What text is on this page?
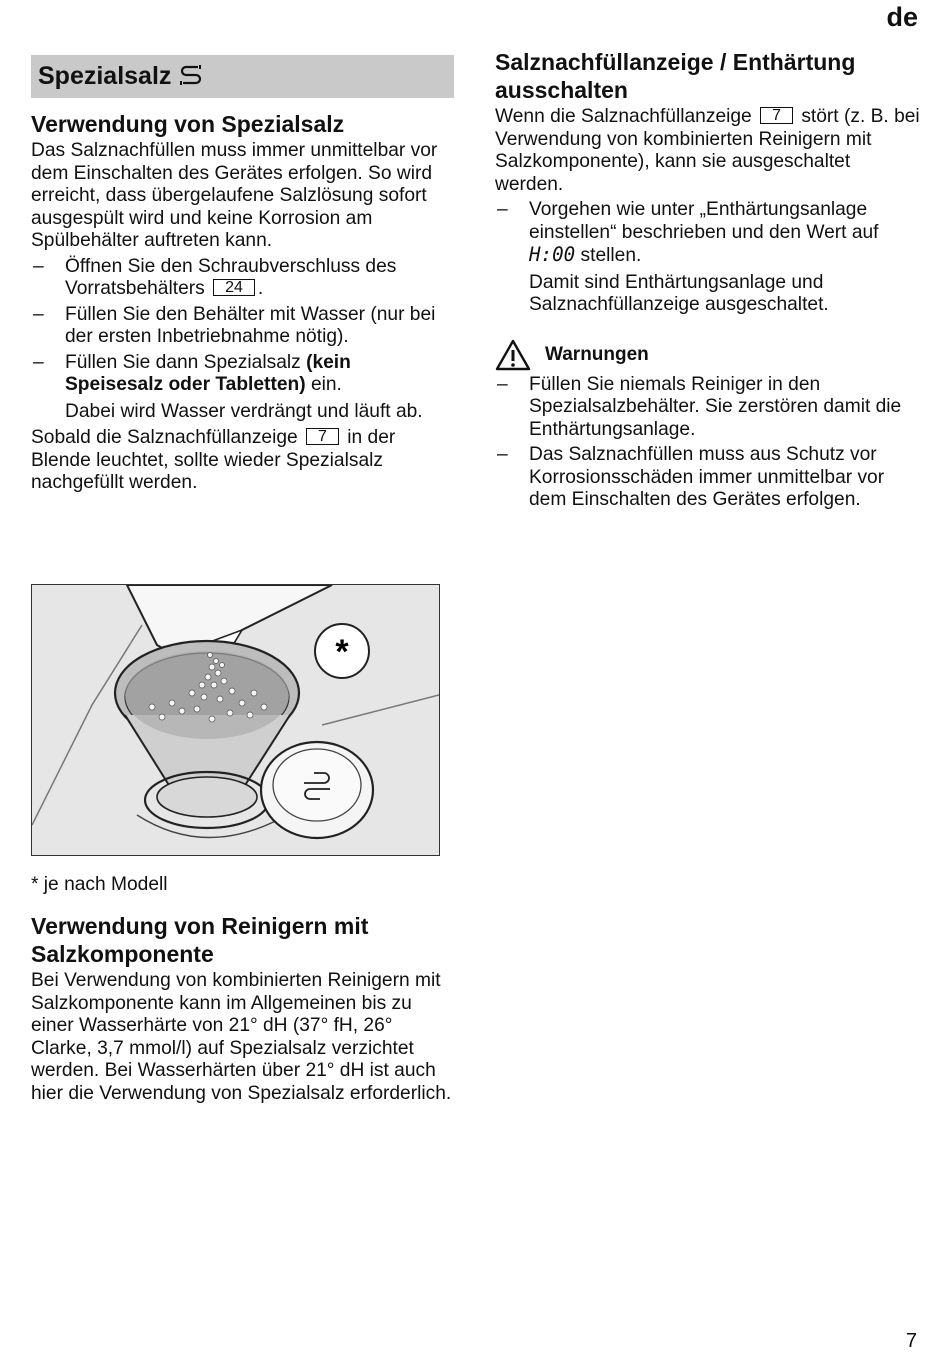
de
Spezialsalz
Verwendung von Spezialsalz

Das Salznachfüllen muss immer unmittelbar vor dem Einschalten des Gerätes erfolgen. So wird erreicht, dass übergelaufene Salzlösung sofort ausgespült wird und keine Korrosion am Spülbehälter auftreten kann.

– Öffnen Sie den Schraubverschluss des Vorratsbehälters 24 .
– Füllen Sie den Behälter mit Wasser (nur bei der ersten Inbetriebnahme nötig).
– Füllen Sie dann Spezialsalz (kein Speisesalz oder Tabletten) ein.
Dabei wird Wasser verdrängt und läuft ab.

Sobald die Salznachfüllanzeige 7 in der Blende leuchtet, sollte wieder Spezialsalz nachgefüllt werden.

*
* je nach Modell
Verwendung von Reinigern mit Salzkomponente

Bei Verwendung von kombinierten Reinigern mit Salzkomponente kann im Allgemeinen bis zu einer Wasserhärte von 21° dH (37° fH, 26° Clarke, 3,7 mmol/l) auf Spezialsalz verzichtet werden. Bei Wasserhärten über 21° dH ist auch hier die Verwendung von Spezialsalz erforderlich.

Salznachfüllanzeige / Enthärtung ausschalten

Wenn die Salznachfüllanzeige 7 stört (z. B. bei Verwendung von kombinierten Reinigern mit Salzkomponente), kann sie ausgeschaltet werden.

– Vorgehen wie unter „Enthärtungsanlage einstellen“ beschrieben und den Wert auf H:00 stellen.
Damit sind Enthärtungsanlage und Salznachfüllanzeige ausgeschaltet.
Warnungen
– Füllen Sie niemals Reiniger in den Spezialsalzbehälter. Sie zerstören damit die Enthärtungsanlage.
– Das Salznachfüllen muss aus Schutz vor Korrosionsschäden immer unmittelbar vor dem Einschalten des Gerätes erfolgen.
7
